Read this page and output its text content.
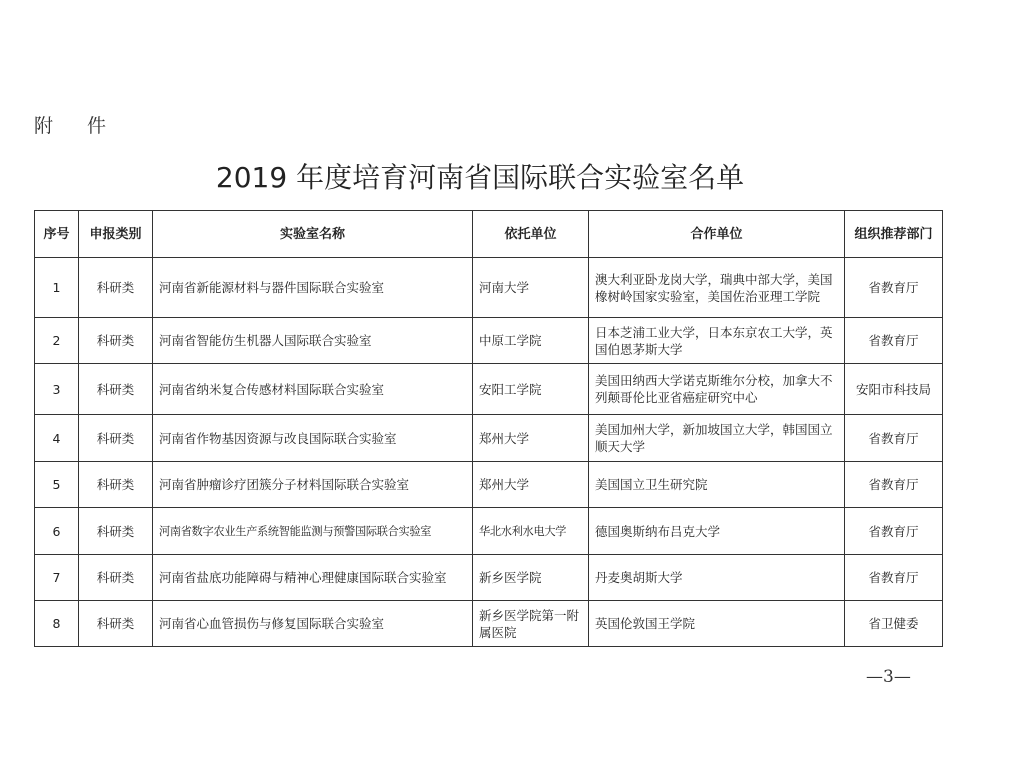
附 件
2019 年度培育河南省国际联合实验室名单
序号	申报类别	实验室名称	依托单位	合作单位	组织推荐部门
1	科研类	河南省新能源材料与器件国际联合实验室	河南大学	澳大利亚卧龙岗大学，瑞典中部大学，美国橡树岭国家实验室，美国佐治亚理工学院	省教育厅
2	科研类	河南省智能仿生机器人国际联合实验室	中原工学院	日本芝浦工业大学，日本东京农工大学，英国伯恩茅斯大学	省教育厅
3	科研类	河南省纳米复合传感材料国际联合实验室	安阳工学院	美国田纳西大学诺克斯维尔分校，加拿大不列颠哥伦比亚省癌症研究中心	安阳市科技局
4	科研类	河南省作物基因资源与改良国际联合实验室	郑州大学	美国加州大学，新加坡国立大学，韩国国立顺天大学	省教育厅
5	科研类	河南省肿瘤诊疗团簇分子材料国际联合实验室	郑州大学	美国国立卫生研究院	省教育厅
6	科研类	河南省数字农业生产系统智能监测与预警国际联合实验室	华北水利水电大学	德国奥斯纳布吕克大学	省教育厅
7	科研类	河南省盐底功能障碍与精神心理健康国际联合实验室	新乡医学院	丹麦奥胡斯大学	省教育厅
8	科研类	河南省心血管损伤与修复国际联合实验室	新乡医学院第一附属医院	英国伦敦国王学院	省卫健委
—3—
